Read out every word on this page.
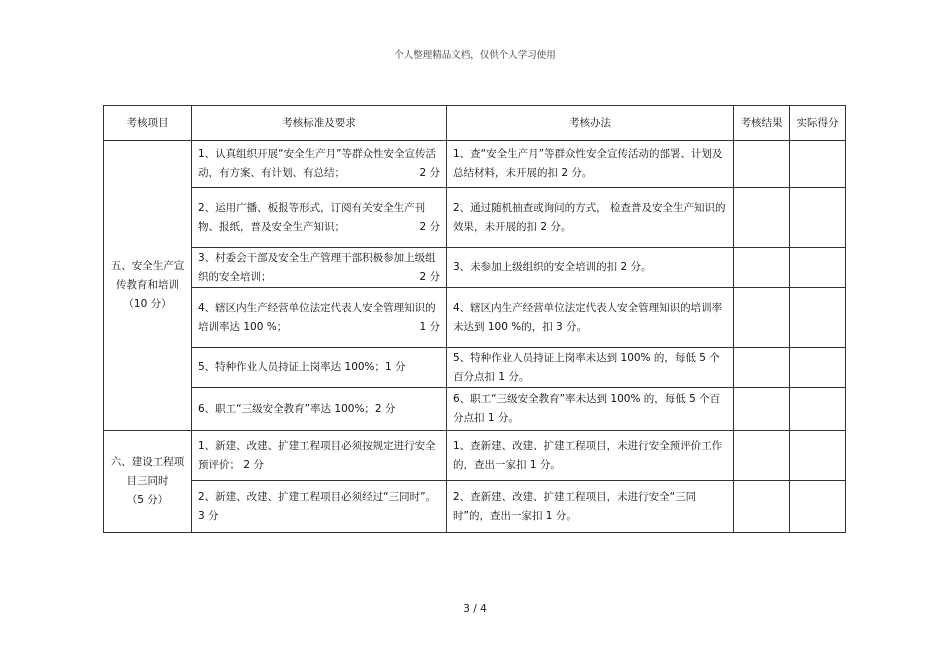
个人整理精品文档，仅供个人学习使用
考核项目	考核标准及要求	考核办法	考核结果	实际得分

五、安全生产宣传教育和培训
（10 分）	1、认真组织开展“安全生产月”等群众性安全宣传活动，有方案、有计划、有总结； 2 分	1、查“安全生产月”等群众性安全宣传活动的部署、计划及总结材料，未开展的扣 2 分。		
	2、运用广播、板报等形式，订阅有关安全生产刊物、报纸，普及安全生产知识； 2 分	2、通过随机抽查或询问的方式， 检查普及安全生产知识的效果，未开展的扣 2 分。		
	3、村委会干部及安全生产管理干部积极参加上级组织的安全培训； 2 分	3、未参加上级组织的安全培训的扣 2 分。		
	4、辖区内生产经营单位法定代表人安全管理知识的培训率达 100 %； 1 分	4、辖区内生产经营单位法定代表人安全管理知识的培训率未达到 100 %的，扣 3 分。		
	5、特种作业人员持证上岗率达 100%；1 分	5、特种作业人员持证上岗率未达到 100% 的，每低 5 个百分点扣 1 分。		
	6、职工“三级安全教育”率达 100%；2 分	6、职工“三级安全教育”率未达到 100% 的，每低 5 个百分点扣 1 分。		

六、建设工程项目三同时
（5 分）	1、新建、改建、扩建工程项目必须按规定进行安全预评价； 2 分	1、查新建、改建、扩建工程项目，未进行安全预评价工作的，查出一家扣 1 分。		
	2、新建、改建、扩建工程项目必须经过“三同时”。 3 分	2、查新建、改建、扩建工程项目，未进行安全“三同时”的，查出一家扣 1 分。		
3 / 4
